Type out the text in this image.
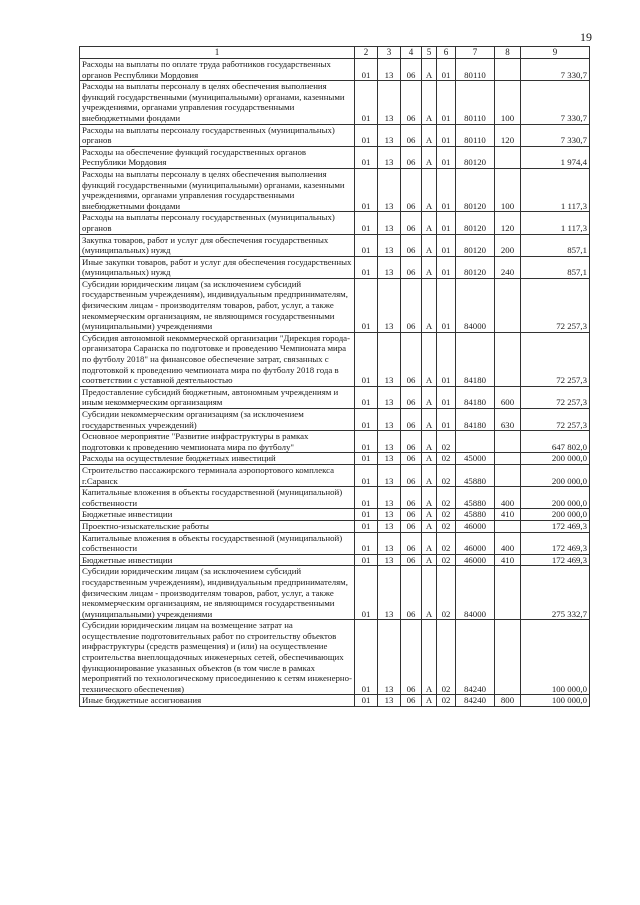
19
1	2	3	4	5	6	7	8	9
Расходы на выплаты по оплате труда работников государственных органов Республики Мордовия	01	13	06	А	01	80110		7 330,7
Расходы на выплаты персоналу в целях обеспечения выполнения функций государственными (муниципальными) органами, казенными учреждениями, органами управления государственными внебюджетными фондами	01	13	06	А	01	80110	100	7 330,7
Расходы на выплаты персоналу государственных (муниципальных) органов	01	13	06	А	01	80110	120	7 330,7
Расходы на обеспечение функций государственных органов Республики Мордовия	01	13	06	А	01	80120		1 974,4
Расходы на выплаты персоналу в целях обеспечения выполнения функций государственными (муниципальными) органами, казенными учреждениями, органами управления государственными внебюджетными фондами	01	13	06	А	01	80120	100	1 117,3
Расходы на выплаты персоналу государственных (муниципальных) органов	01	13	06	А	01	80120	120	1 117,3
Закупка товаров, работ и услуг для обеспечения государственных (муниципальных) нужд	01	13	06	А	01	80120	200	857,1
Иные закупки товаров, работ и услуг для обеспечения государственных (муниципальных) нужд	01	13	06	А	01	80120	240	857,1
Субсидии юридическим лицам (за исключением субсидий государственным учреждениям), индивидуальным предпринимателям, физическим лицам - производителям товаров, работ, услуг, а также некоммерческим организациям, не являющимся государственными (муниципальными) учреждениями	01	13	06	А	01	84000		72 257,3
Субсидия автономной некоммерческой организации "Дирекция города-организатора Саранска по подготовке и проведению Чемпионата мира по футболу 2018" на финансовое обеспечение затрат, связанных с подготовкой к проведению чемпионата мира по футболу 2018 года в соответствии с уставной деятельностью	01	13	06	А	01	84180		72 257,3
Предоставление субсидий бюджетным, автономным учреждениям и иным некоммерческим организациям	01	13	06	А	01	84180	600	72 257,3
Субсидии некоммерческим организациям (за исключением государственных учреждений)	01	13	06	А	01	84180	630	72 257,3
Основное мероприятие "Развитие инфраструктуры в рамках подготовки к проведению чемпионата мира по футболу"	01	13	06	А	02			647 802,0
Расходы на осуществление бюджетных инвестиций	01	13	06	А	02	45000		200 000,0
Строительство пассажирского терминала аэропортового комплекса г.Саранск	01	13	06	А	02	45880		200 000,0
Капитальные вложения в объекты государственной (муниципальной) собственности	01	13	06	А	02	45880	400	200 000,0
Бюджетные инвестиции	01	13	06	А	02	45880	410	200 000,0
Проектно-изыскательские работы	01	13	06	А	02	46000		172 469,3
Капитальные вложения в объекты государственной (муниципальной) собственности	01	13	06	А	02	46000	400	172 469,3
Бюджетные инвестиции	01	13	06	А	02	46000	410	172 469,3
Субсидии юридическим лицам (за исключением субсидий государственным учреждениям), индивидуальным предпринимателям, физическим лицам - производителям товаров, работ, услуг, а также некоммерческим организациям, не являющимся государственными (муниципальными) учреждениями	01	13	06	А	02	84000		275 332,7
Субсидии юридическим лицам на возмещение затрат на осуществление подготовительных работ по строительству объектов инфраструктуры (средств размещения) и (или) на осуществление строительства внеплощадочных инженерных сетей, обеспечивающих функционирование указанных объектов (в том числе в рамках мероприятий по технологическому присоединению к сетям инженерно-технического обеспечения)	01	13	06	А	02	84240		100 000,0
Иные бюджетные ассигнования	01	13	06	А	02	84240	800	100 000,0
